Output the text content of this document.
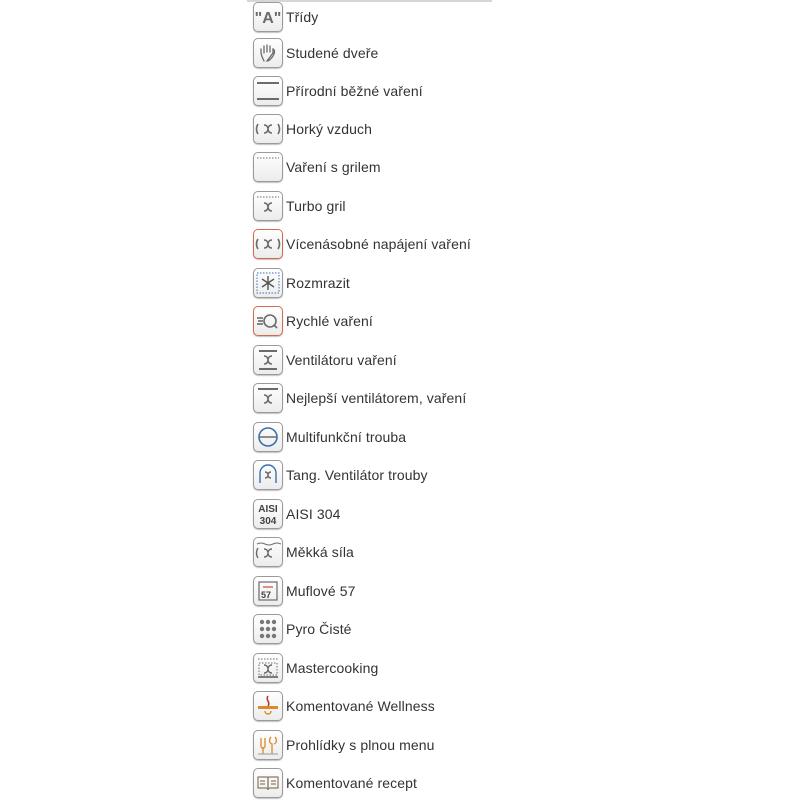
"A" Třídy
Studené dveře
Přírodní běžné vaření
Horký vzduch
Vaření s grilem
Turbo gril
Vícenásobné napájení vaření
Rozmrazit
Rychlé vaření
Ventilátoru vaření
Nejlepší ventilátorem, vaření
Multifunkční trouba
Tang. Ventilátor trouby
AISI
304 AISI 304
Měkká síla
57 Muflové 57
Pyro Čisté
Mastercooking
Komentované Wellness
Prohlídky s plnou menu
Komentované recept
